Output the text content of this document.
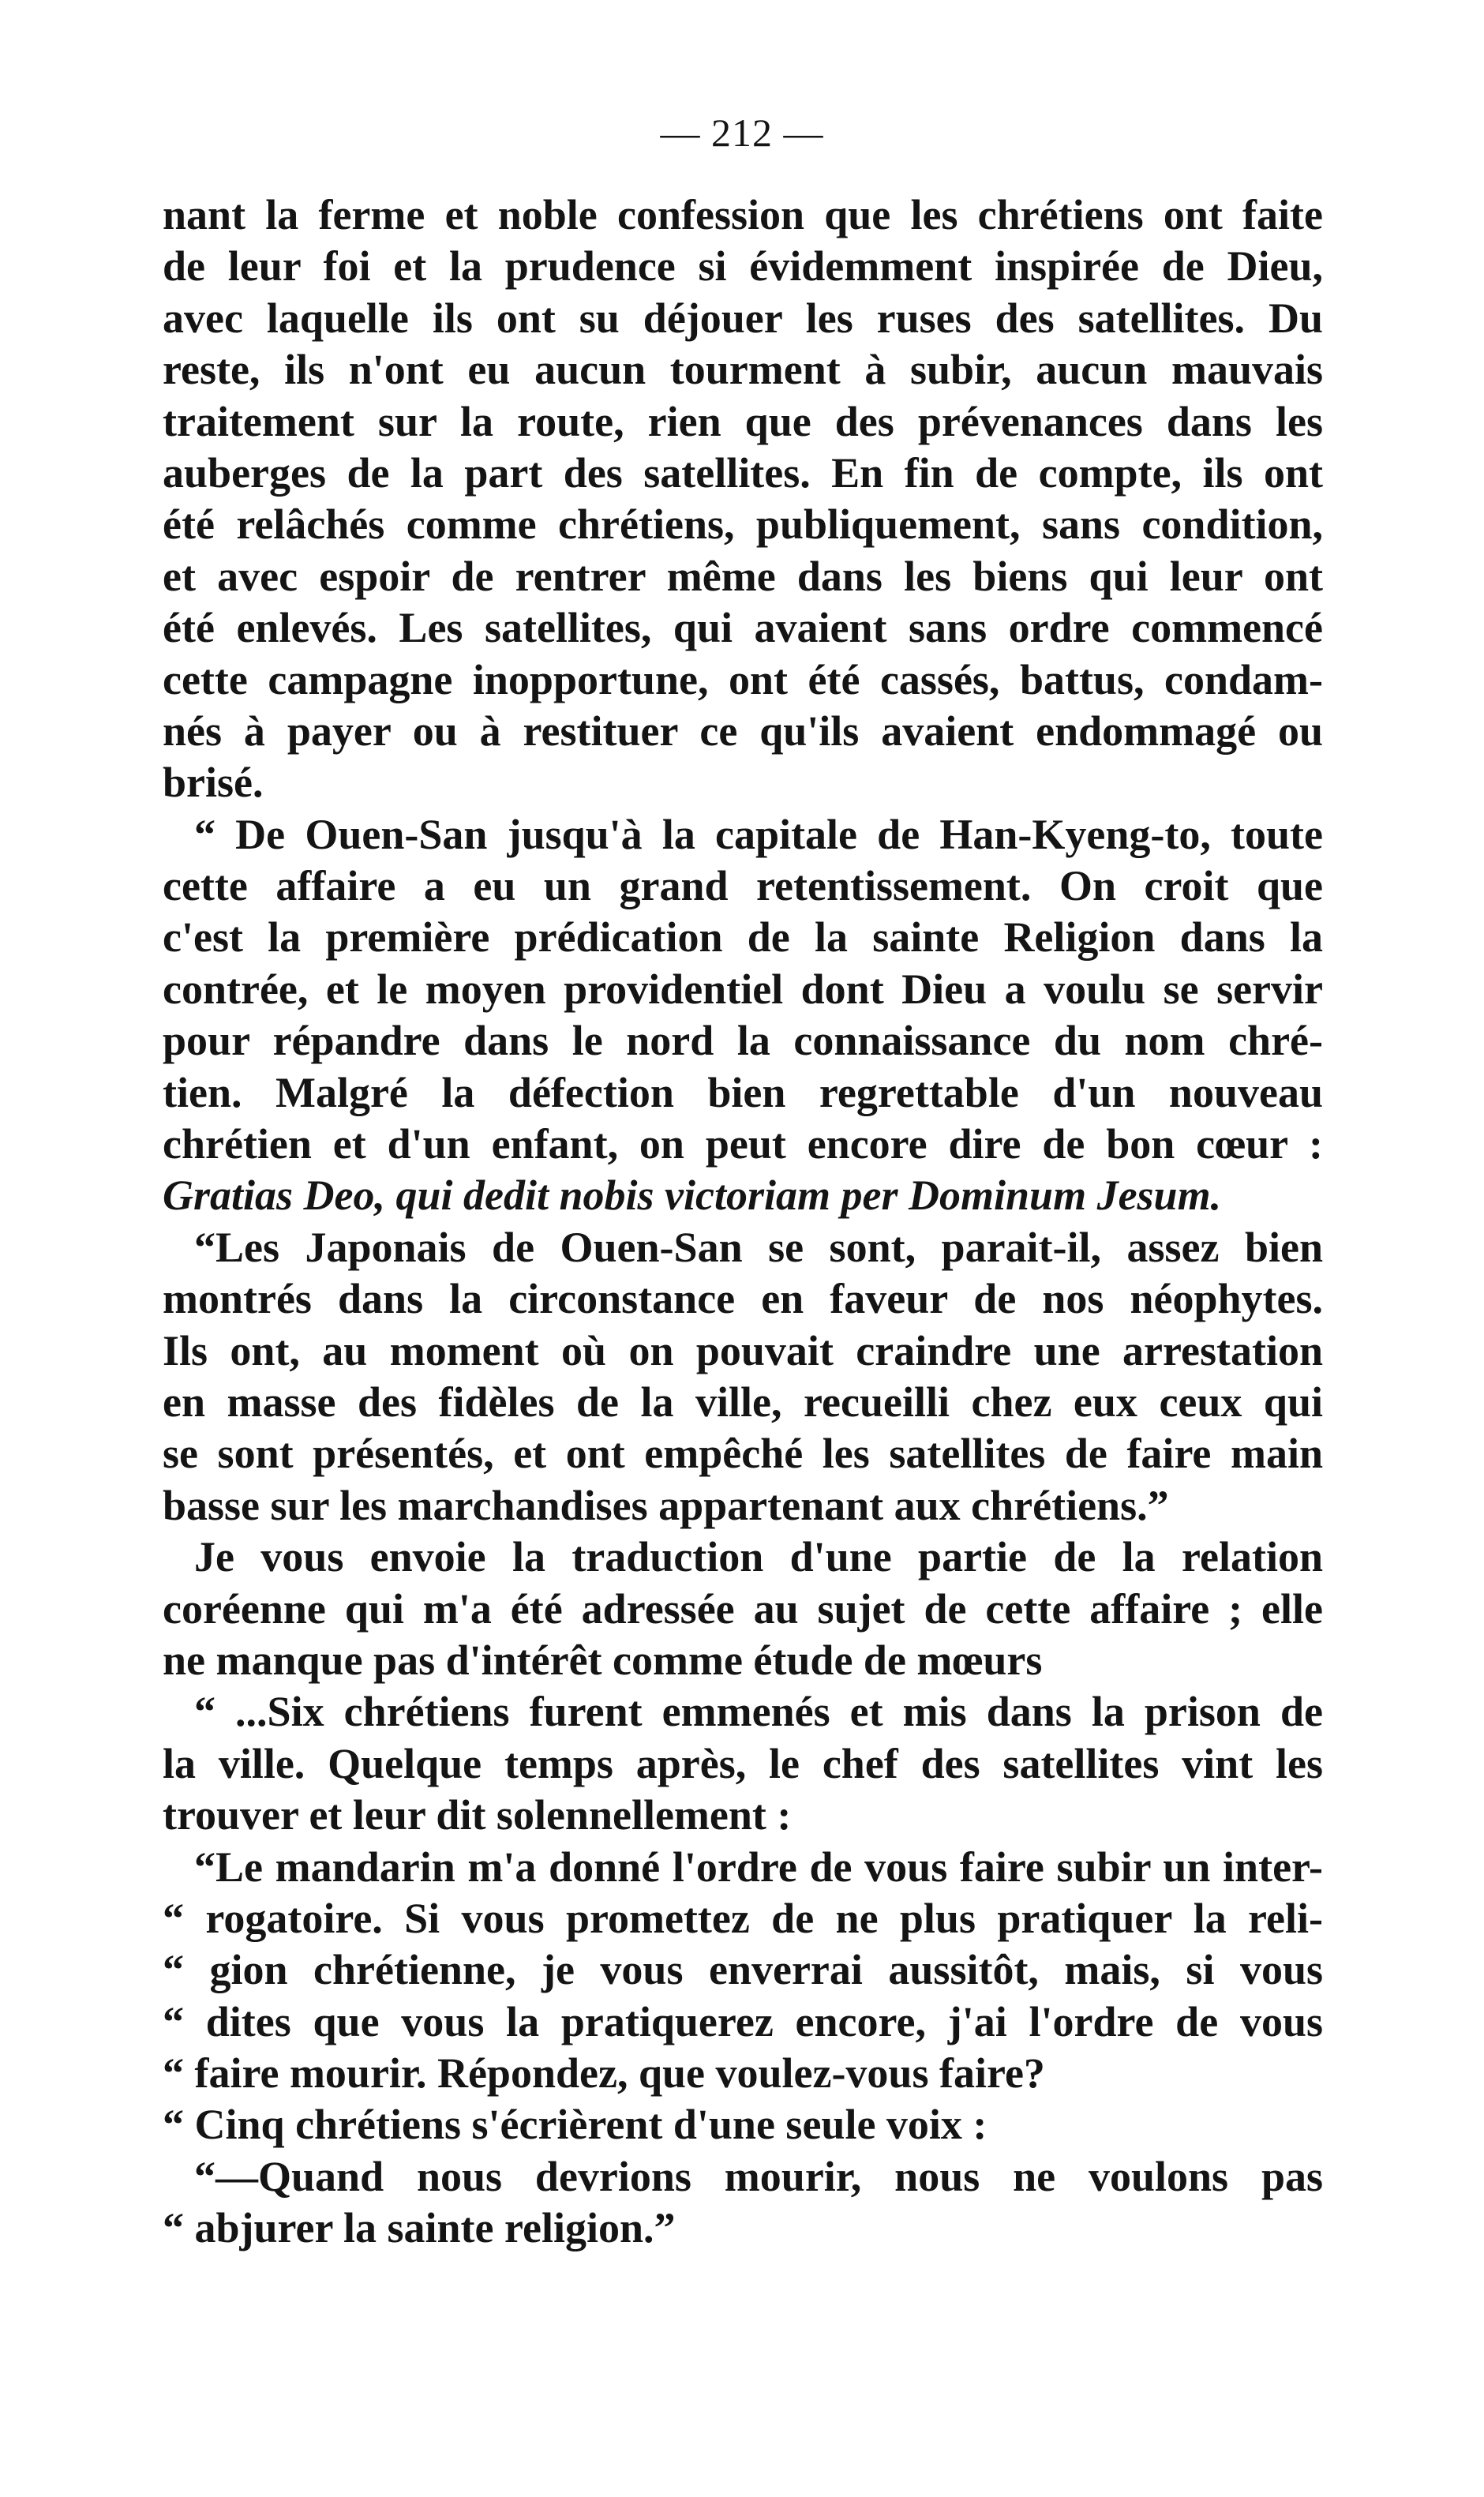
— 212 —
nant la ferme et noble confession que les chrétiens ont faite
de leur foi et la prudence si évidemment inspirée de Dieu,
avec laquelle ils ont su déjouer les ruses des satellites. Du
reste, ils n'ont eu aucun tourment à subir, aucun mauvais
traitement sur la route, rien que des prévenances dans les
auberges de la part des satellites. En fin de compte, ils ont
été relâchés comme chrétiens, publiquement, sans condition,
et avec espoir de rentrer même dans les biens qui leur ont
été enlevés. Les satellites, qui avaient sans ordre commencé
cette campagne inopportune, ont été cassés, battus, condam-
nés à payer ou à restituer ce qu'ils avaient endommagé ou
brisé.
“ De Ouen-San jusqu'à la capitale de Han-Kyeng-to, toute
cette affaire a eu un grand retentissement. On croit que
c'est la première prédication de la sainte Religion dans la
contrée, et le moyen providentiel dont Dieu a voulu se servir
pour répandre dans le nord la connaissance du nom chré-
tien. Malgré la défection bien regrettable d'un nouveau
chrétien et d'un enfant, on peut encore dire de bon cœur :
Gratias Deo, qui dedit nobis victoriam per Dominum Jesum.
“Les Japonais de Ouen-San se sont, parait-il, assez bien
montrés dans la circonstance en faveur de nos néophytes.
Ils ont, au moment où on pouvait craindre une arrestation
en masse des fidèles de la ville, recueilli chez eux ceux qui
se sont présentés, et ont empêché les satellites de faire main
basse sur les marchandises appartenant aux chrétiens.”
Je vous envoie la traduction d'une partie de la relation
coréenne qui m'a été adressée au sujet de cette affaire ; elle
ne manque pas d'intérêt comme étude de mœurs
“ ...Six chrétiens furent emmenés et mis dans la prison de
la ville. Quelque temps après, le chef des satellites vint les
trouver et leur dit solennellement :
“Le mandarin m'a donné l'ordre de vous faire subir un inter-
“ rogatoire. Si vous promettez de ne plus pratiquer la reli-
“ gion chrétienne, je vous enverrai aussitôt, mais, si vous
“ dites que vous la pratiquerez encore, j'ai l'ordre de vous
“ faire mourir. Répondez, que voulez-vous faire?
“ Cinq chrétiens s'écrièrent d'une seule voix :
“—Quand nous devrions mourir, nous ne voulons pas
“ abjurer la sainte religion.”
